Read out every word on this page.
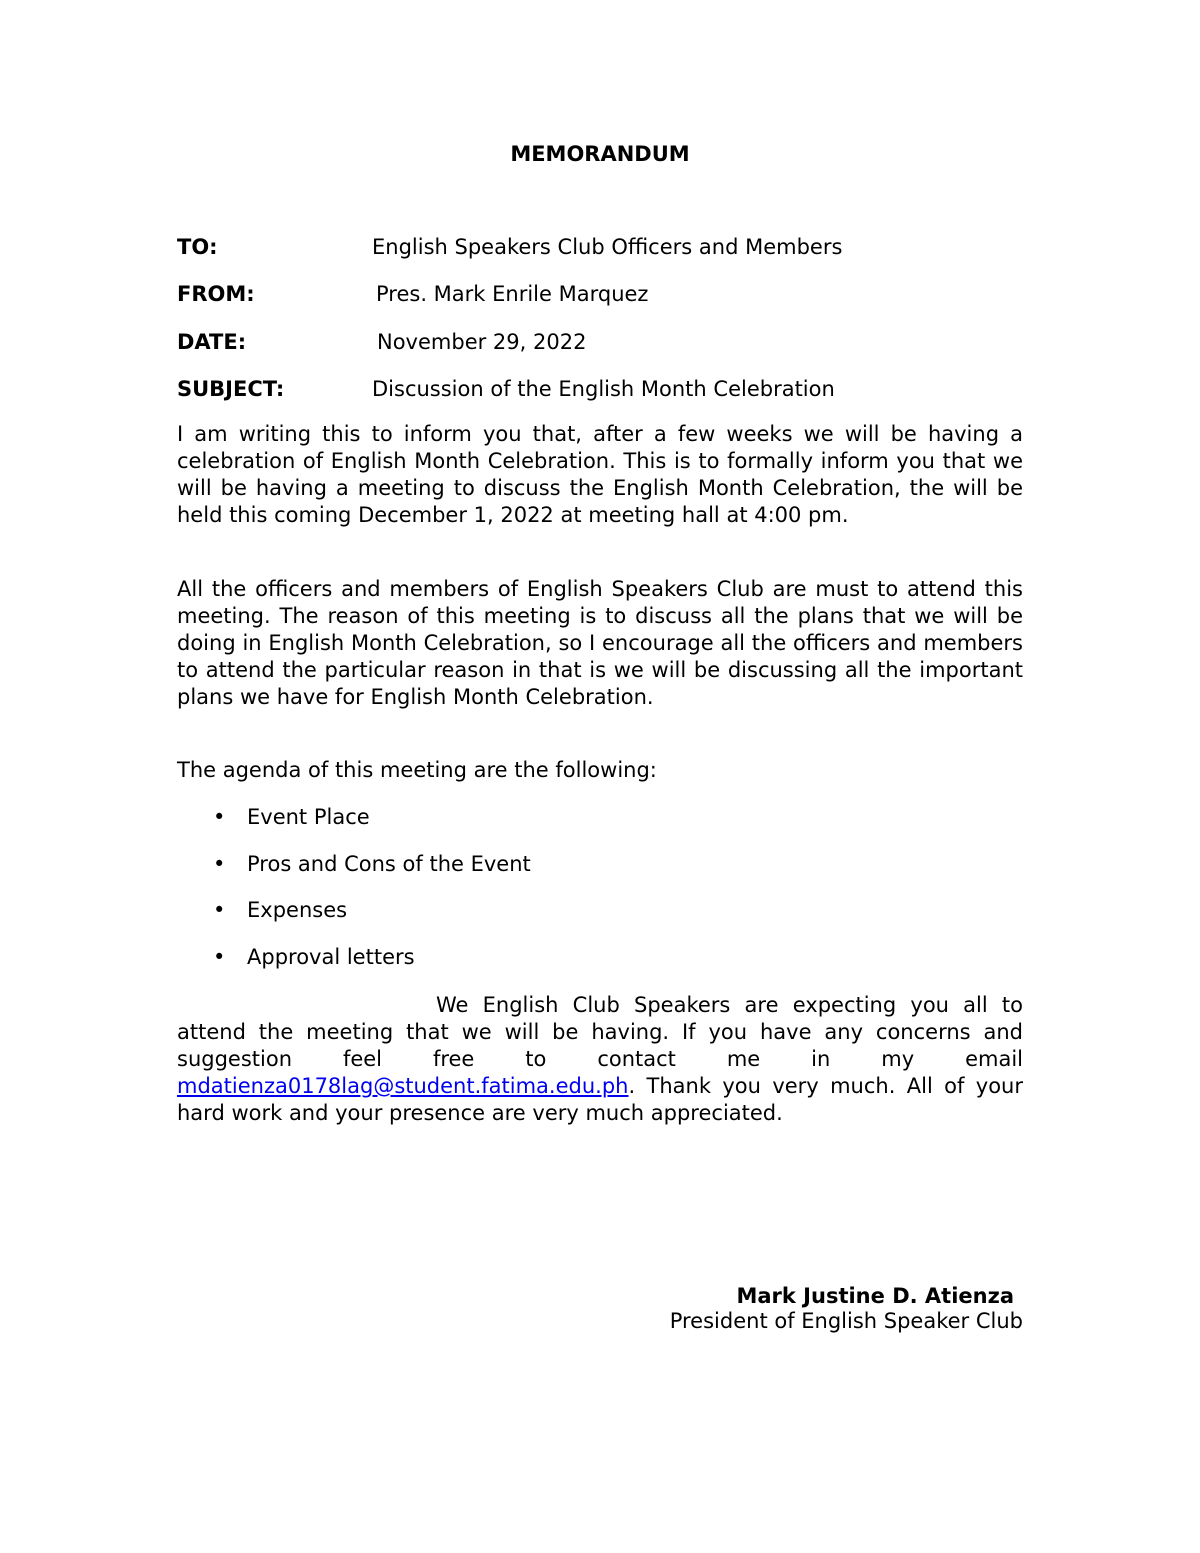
MEMORANDUM
TO:	English Speakers Club Officers and Members
FROM:	Pres. Mark Enrile Marquez
DATE:	November 29, 2022
SUBJECT:	Discussion of the English Month Celebration
I am writing this to inform you that, after a few weeks we will be having a celebration of English Month Celebration. This is to formally inform you that we will be having a meeting to discuss the English Month Celebration, the will be held this coming December 1, 2022 at meeting hall at 4:00 pm.
All the officers and members of English Speakers Club are must to attend this meeting. The reason of this meeting is to discuss all the plans that we will be doing in English Month Celebration, so I encourage all the officers and members to attend the particular reason in that is we will be discussing all the important plans we have for English Month Celebration.
The agenda of this meeting are the following:
• Event Place
• Pros and Cons of the Event
• Expenses
• Approval letters
We English Club Speakers are expecting you all to attend the meeting that we will be having. If you have any concerns and suggestion feel free to contact me in my email mdatienza0178lag@student.fatima.edu.ph. Thank you very much. All of your hard work and your presence are very much appreciated.
Mark Justine D. Atienza
President of English Speaker Club
